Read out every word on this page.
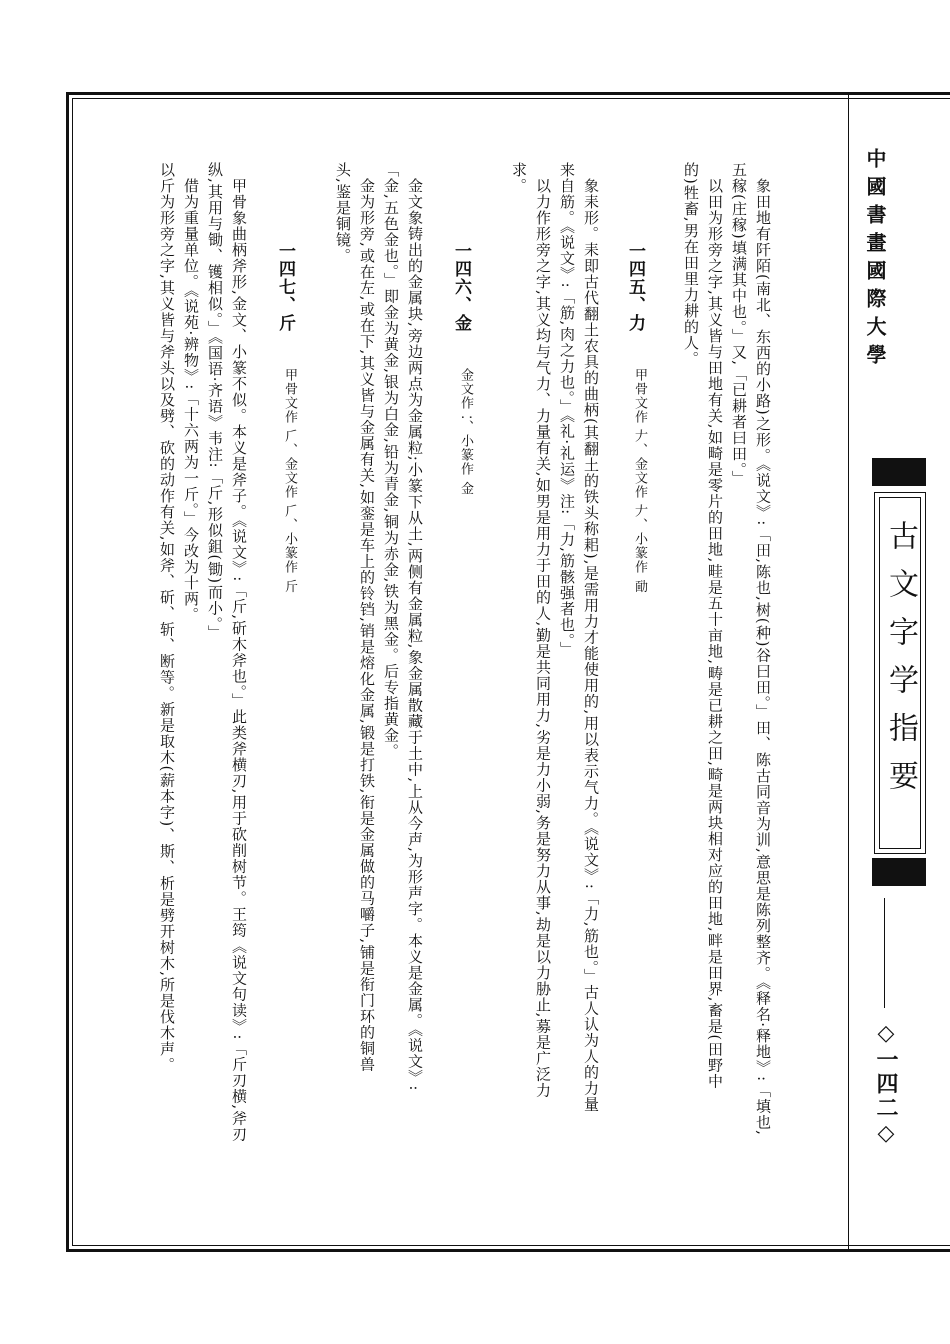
中國書畫國際大學
古文字学指要
◇一四二◇
象田地有阡陌(南北、东西的小路)之形。《说文》:「田,陈也,树(种)谷曰田。」田、陈古同音为训,意思是陈列整齐。《释名·释地》:「填也,
五稼(庄稼)填满其中也。」又,「已耕者曰田。」
以田为形旁之字,其义皆与田地有关,如畸是零片的田地,畦是五十亩地,畴是已耕之田,畸是两块相对应的田地,畔是田界,畜是(田野中
的)牲畜,男在田里力耕的人。
一四五、力
甲骨文作 𠂇、金文作 𠂇、小篆作 𠡳
象耒形。耒即古代翻土农具的曲柄(其翻土的铁头称耜),是需用力才能使用的,用以表示气力。《说文》:「力,筋也。」古人认为人的力量
来自筋。《说文》:「筋,肉之力也。」《礼·礼运》注:「力,筋骸强者也。」
以力作形旁之字,其义均与气力、力量有关,如男是用力于田的人,勤是共同用力,劣是力小弱,务是努力从事,劫是以力胁止,募是广泛力
求。
一四六、金
金文作 ⁚、小篆作 金
金文象铸出的金属块,旁边两点为金属粒;小篆下从土,两侧有金属粒,象金属散藏于土中,上从今声,为形声字。本义是金属。《说文》:
「金,五色金也。」即金为黄金,银为白金,铅为青金,铜为赤金,铁为黑金。后专指黄金。
金为形旁,或在左,或在下,其义皆与金属有关,如銮是车上的铃铛,销是熔化金属,锻是打铁,衔是金属做的马嚼子,铺是衔门环的铜兽
头,鉴是铜镜。
一四七、斤
甲骨文作 𠂆、金文作 𠂆、小篆作 斤
甲骨象曲柄斧形,金文、小篆不似。本义是斧子。《说文》:「斤,斫木斧也。」此类斧横刃,用于砍削树节。王筠《说文句读》:「斤刃横,斧刃
纵,其用与锄、镬相似。」《国语·齐语》韦注:「斤,形似鉏(锄)而小。」
借为重量单位。《说苑·辨物》:「十六两为一斤。」今改为十两。
以斤为形旁之字,其义皆与斧头以及劈、砍的动作有关,如斧、斫、斩、断等。新是取木(薪本字)、斯、析是劈开树木,所是伐木声。
